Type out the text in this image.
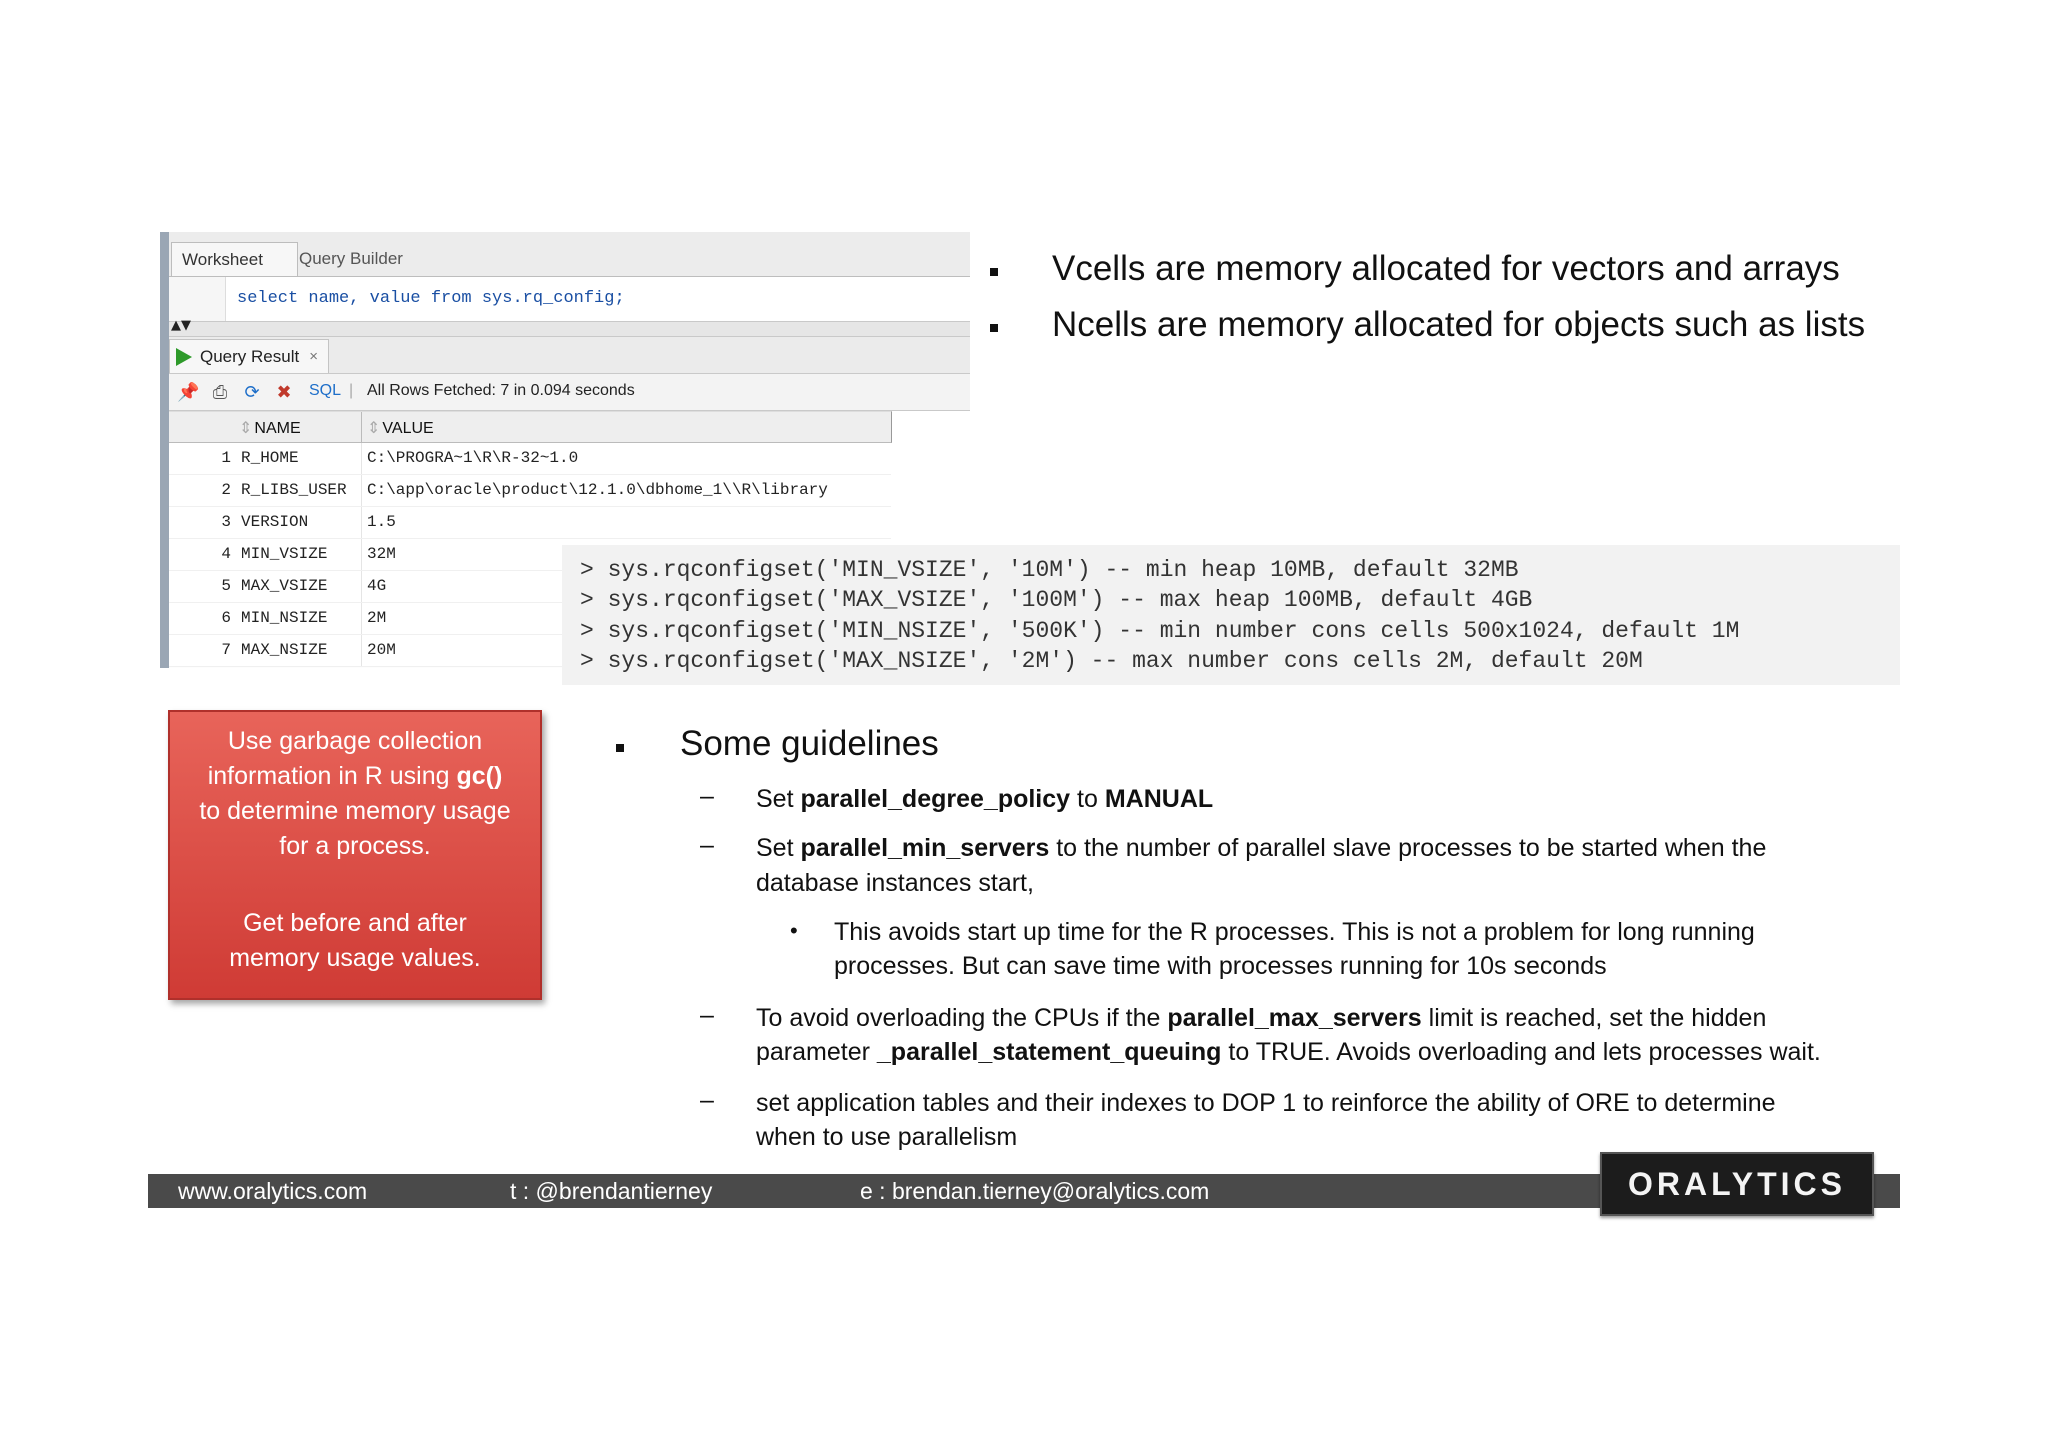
Worksheet	Query Builder
select name, value from sys.rq_config;
▲▼
Query Result ×
📌 ⎙ ⟳ ✖ SQL | All Rows Fetched: 7 in 0.094 seconds
⇕ NAME	⇕ VALUE
1 R_HOME	C:\PROGRA~1\R\R-32~1.0
2 R_LIBS_USER C:\app\oracle\product\12.1.0\dbhome_1\\R\library
3 VERSION	1.5
4 MIN_VSIZE 32M
5 MAX_VSIZE 4G
6 MIN_NSIZE 2M
7 MAX_NSIZE 20M
Vcells are memory allocated for vectors and arrays
Ncells are memory allocated for objects such as lists
> sys.rqconfigset('MIN_VSIZE', '10M') -- min heap 10MB, default 32MB
> sys.rqconfigset('MAX_VSIZE', '100M') -- max heap 100MB, default 4GB
> sys.rqconfigset('MIN_NSIZE', '500K') -- min number cons cells 500x1024, default 1M
> sys.rqconfigset('MAX_NSIZE', '2M') -- max number cons cells 2M, default 20M

Use garbage collection

information in R using gc()

to determine memory usage

for a process.

Get before and after

memory usage values.

Some guidelines
– Set parallel_degree_policy to MANUAL
– Set parallel_min_servers to the number of parallel slave processes to be started when the
database instances start,
• This avoids start up time for the R processes. This is not a problem for long running
processes. But can save time with processes running for 10s seconds
– To avoid overloading the CPUs if the parallel_max_servers limit is reached, set the hidden
parameter _parallel_statement_queuing to TRUE. Avoids overloading and lets processes wait.
– set application tables and their indexes to DOP 1 to reinforce the ability of ORE to determine
when to use parallelism
www.oralytics.com	t : @brendantierney	e : brendan.tierney@oralytics.com	ORALYTICS
